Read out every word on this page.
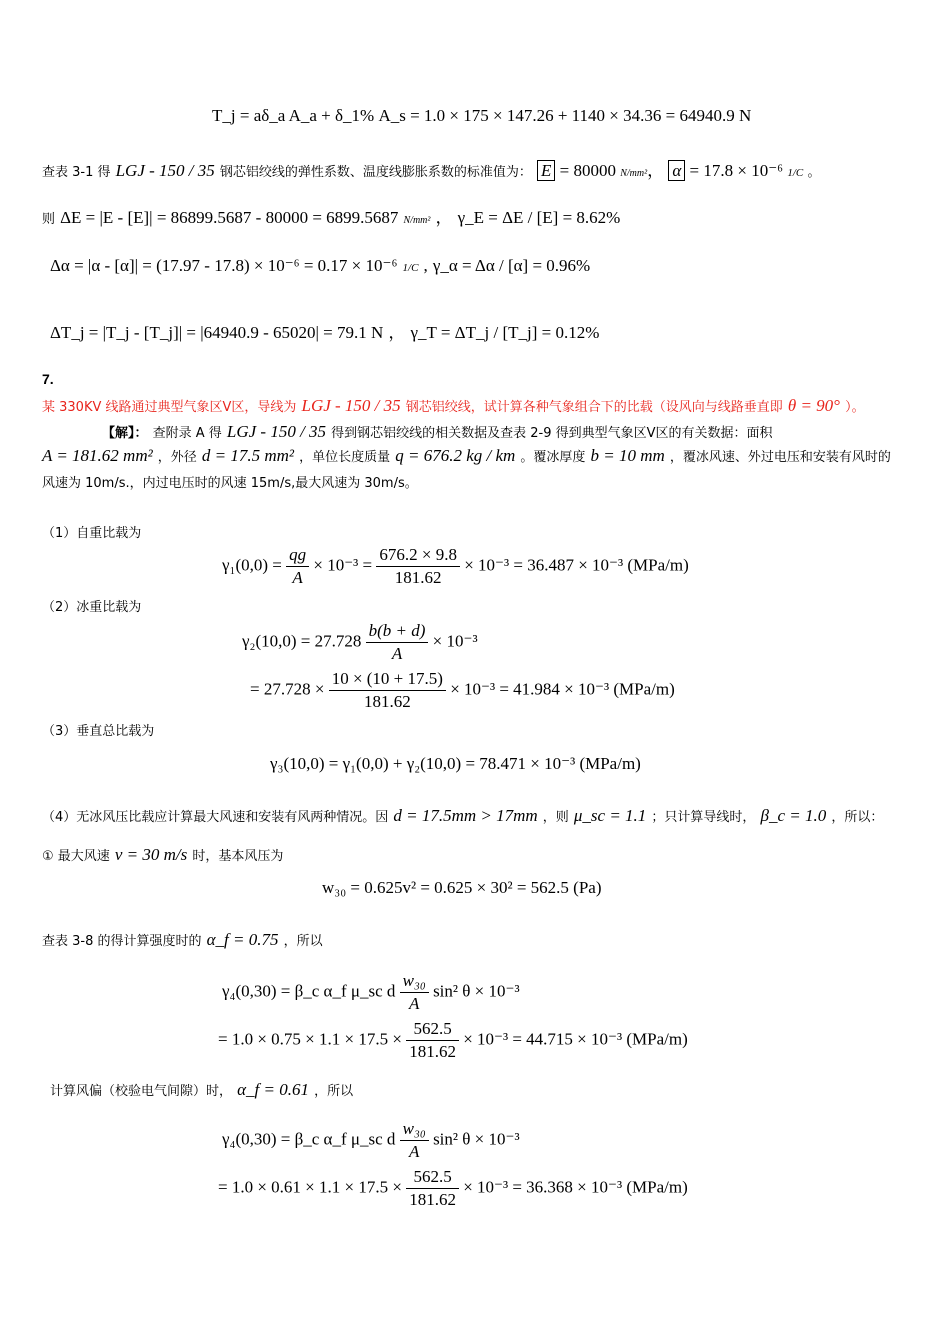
T_j = aδ_a A_a + δ_1% A_s = 1.0 × 175 × 147.26 + 1140 × 34.36 = 64940.9 N
查表 3-1 得 LGJ - 150 / 35 钢芯铝绞线的弹性系数、温度线膨胀系数的标准值为： E = 80000 N/mm²， α = 17.8 × 10⁻⁶ 1/C 。
则 ΔE = |E - [E]| = 86899.5687 - 80000 = 6899.5687 N/mm² ， γ_E = ΔE / [E] = 8.62%
Δα = |α - [α]| = (17.97 - 17.8) × 10⁻⁶ = 0.17 × 10⁻⁶ 1/C , γ_α = Δα / [α] = 0.96%
ΔT_j = |T_j - [T_j]| = |64940.9 - 65020| = 79.1 N ， γ_T = ΔT_j / [T_j] = 0.12%
7.
某 330KV 线路通过典型气象区Ⅴ区，导线为 LGJ - 150 / 35 钢芯铝绞线，试计算各种气象组合下的比载（设风向与线路垂直即 θ = 90° ）。
【解】： 查附录 A 得 LGJ - 150 / 35 得到钢芯铝绞线的相关数据及查表 2-9 得到典型气象区Ⅴ区的有关数据：面积
A = 181.62 mm² ，外径 d = 17.5 mm² ，单位长度质量 q = 676.2 kg / km 。覆冰厚度 b = 10 mm ，覆冰风速、外过电压和安装有风时的
风速为 10m/s.，内过电压时的风速 15m/s,最大风速为 30m/s。
（1）自重比载为
$\gamma_1(0,0) = \frac{qg}{A} \times 10^{-3} = \frac{676.2 \times 9.8}{181.62} \times 10^{-3} = 36.487 \times 10^{-3}$ (MPa/m)
（2）冰重比载为
$\gamma_2(10,0) = 27.728 \frac{b(b + d)}{A} \times 10^{-3}$
= $27.728 \times \frac{10 \times (10 + 17.5)}{181.62} \times 10^{-3} = 41.984 \times 10^{-3}$ (MPa/m)
（3）垂直总比载为
γ₃(10,0) = γ₁(0,0) + γ₂(10,0) = 78.471 × 10⁻³ (MPa/m)
（4）无冰风压比载应计算最大风速和安装有风两种情况。因 d = 17.5mm > 17mm ，则 μ_sc = 1.1 ；只计算导线时， β_c = 1.0 ，所以：
① 最大风速 v = 30 m/s 时，基本风压为
w₃₀ = 0.625v² = 0.625 × 30² = 562.5 (Pa)
查表 3-8 的得计算强度时的 α_f = 0.75 ，所以
γ₄(0,30) = β_c α_f μ_sc d $\frac{\text{w₃₀}}{A} \sin^2$ θ × 10⁻³
= $1.0 \times 0.75 \times 1.1 \times 17.5 \times \frac{562.5}{181.62} \times 10^{-3} = 44.715 \times 10^{-3}$ (MPa/m)
计算风偏（校验电气间隙）时， α_f = 0.61 ，所以
γ₄(0,30) = β_c α_f μ_sc d $\frac{\text{w₃₀}}{A} \sin^2$ θ × 10⁻³
= $1.0 \times 0.61 \times 1.1 \times 17.5 \times \frac{562.5}{181.62} \times 10^{-3} = 36.368 \times 10^{-3}$ (MPa/m)
